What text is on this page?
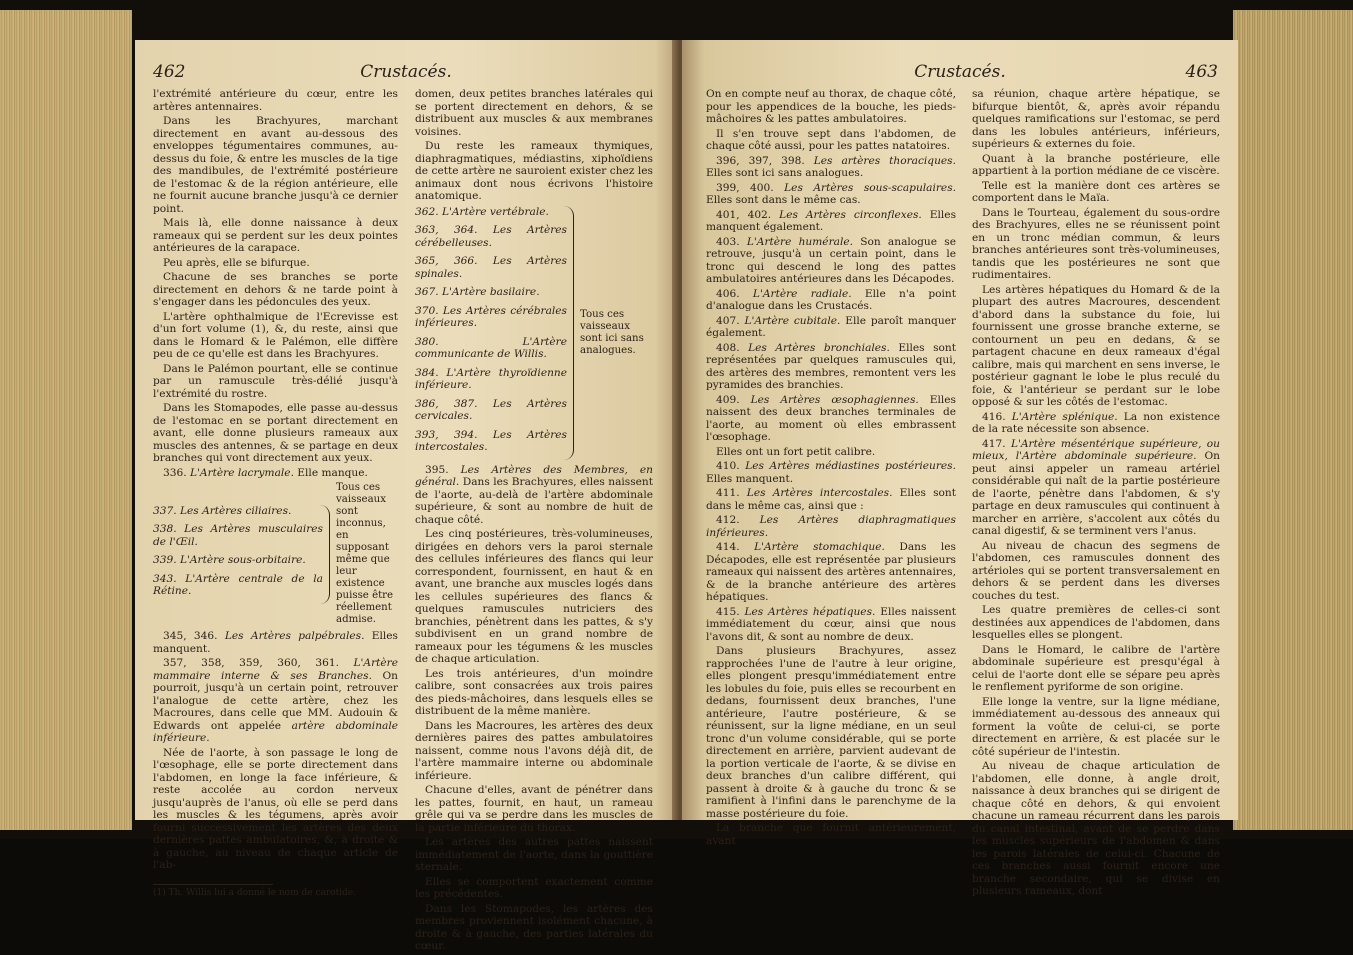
462	Crustacés.

l'extrémité antérieure du cœur, entre les artères antennaires.

Dans les Brachyures, marchant directement en avant au-dessous des enveloppes tégumentaires communes, au-dessus du foie, & entre les muscles de la tige des mandibules, de l'extrémité postérieure de l'estomac & de la région antérieure, elle ne fournit aucune branche jusqu'à ce dernier point.

Mais là, elle donne naissance à deux rameaux qui se perdent sur les deux pointes antérieures de la carapace.

Peu après, elle se bifurque.

Chacune de ses branches se porte directement en dehors & ne tarde point à s'engager dans les pédoncules des yeux.

L'artère ophthalmique de l'Ecrevisse est d'un fort volume (1), &, du reste, ainsi que dans le Homard & le Palémon, elle diffère peu de ce qu'elle est dans les Brachyures.

Dans le Palémon pourtant, elle se continue par un ramuscule très-délié jusqu'à l'extrémité du rostre.

Dans les Stomapodes, elle passe au-dessus de l'estomac en se portant directement en avant, elle donne plusieurs rameaux aux muscles des antennes, & se partage en deux branches qui vont directement aux yeux.

336. L'Artère lacrymale. Elle manque.

337. Les Artères ciliaires.

338. Les Artères musculaires de l'Œil.

339. L'Artère sous-orbitaire.

343. L'Artère centrale de la Rétine.

Tous ces vaisseaux sont inconnus, en supposant même que leur existence puisse être réellement admise.

345, 346. Les Artères palpébrales. Elles manquent.

357, 358, 359, 360, 361. L'Artère mammaire interne & ses Branches. On pourroit, jusqu'à un certain point, retrouver l'analogue de cette artère, chez les Macroures, dans celle que MM. Audouin & Edwards ont appelée artère abdominale inférieure.

Née de l'aorte, à son passage le long de l'œsophage, elle se porte directement dans l'abdomen, en longe la face inférieure, & reste accolée au cordon nerveux jusqu'auprès de l'anus, où elle se perd dans les muscles & les tégumens, après avoir fourni successivement les artères des deux dernières pattes ambulatoires, &, à droite & à gauche, au niveau de chaque article de l'ab-

(1) Th. Willis lui a donné le nom de carotide.

domen, deux petites branches latérales qui se portent directement en dehors, & se distribuent aux muscles & aux membranes voisines.

Du reste les rameaux thymiques, diaphragmatiques, médiastins, xiphoïdiens de cette artère ne sauroient exister chez les animaux dont nous écrivons l'histoire anatomique.

362. L'Artère vertébrale.

363, 364. Les Artères cérébelleuses.

365, 366. Les Artères spinales.

367. L'Artère basilaire.

370. Les Artères cérébrales inférieures.

380. L'Artère communicante de Willis.

384. L'Artère thyroïdienne inférieure.

386, 387. Les Artères cervicales.

393, 394. Les Artères intercostales.

Tous ces vaisseaux sont ici sans analogues.

395. Les Artères des Membres, en général. Dans les Brachyures, elles naissent de l'aorte, au-delà de l'artère abdominale supérieure, & sont au nombre de huit de chaque côté.

Les cinq postérieures, très-volumineuses, dirigées en dehors vers la paroi sternale des cellules inférieures des flancs qui leur correspondent, fournissent, en haut & en avant, une branche aux muscles logés dans les cellules supérieures des flancs & quelques ramuscules nutriciers des branchies, pénètrent dans les pattes, & s'y subdivisent en un grand nombre de rameaux pour les tégumens & les muscles de chaque articulation.

Les trois antérieures, d'un moindre calibre, sont consacrées aux trois paires des pieds-mâchoires, dans lesquels elles se distribuent de la même manière.

Dans les Macroures, les artères des deux dernières paires des pattes ambulatoires naissent, comme nous l'avons déjà dit, de l'artère mammaire interne ou abdominale inférieure.

Chacune d'elles, avant de pénétrer dans les pattes, fournit, en haut, un rameau grêle qui va se perdre dans les muscles de la partie inférieure du thorax.

Les artères des autres pattes naissent immédiatement de l'aorte, dans la gouttière sternale.

Elles se comportent exactement comme les précédentes.

Dans les Stomapodes, les artères des membres proviennent isolément chacune, à droite & à gauche, des parties latérales du cœur.

Crustacés.	463

On en compte neuf au thorax, de chaque côté, pour les appendices de la bouche, les pieds-mâchoires & les pattes ambulatoires.

Il s'en trouve sept dans l'abdomen, de chaque côté aussi, pour les pattes natatoires.

396, 397, 398. Les artères thoraciques. Elles sont ici sans analogues.

399, 400. Les Artères sous-scapulaires. Elles sont dans le même cas.

401, 402. Les Artères circonflexes. Elles manquent également.

403. L'Artère humérale. Son analogue se retrouve, jusqu'à un certain point, dans le tronc qui descend le long des pattes ambulatoires antérieures dans les Décapodes.

406. L'Artère radiale. Elle n'a point d'analogue dans les Crustacés.

407. L'Artère cubitale. Elle paroît manquer également.

408. Les Artères bronchiales. Elles sont représentées par quelques ramuscules qui, des artères des membres, remontent vers les pyramides des branchies.

409. Les Artères œsophagiennes. Elles naissent des deux branches terminales de l'aorte, au moment où elles embrassent l'œsophage.

Elles ont un fort petit calibre.

410. Les Artères médiastines postérieures. Elles manquent.

411. Les Artères intercostales. Elles sont dans le même cas, ainsi que :

412. Les Artères diaphragmatiques inférieures.

414. L'Artère stomachique. Dans les Décapodes, elle est représentée par plusieurs rameaux qui naissent des artères antennaires, & de la branche antérieure des artères hépatiques.

415. Les Artères hépatiques. Elles naissent immédiatement du cœur, ainsi que nous l'avons dit, & sont au nombre de deux.

Dans plusieurs Brachyures, assez rapprochées l'une de l'autre à leur origine, elles plongent presqu'immédiatement entre les lobules du foie, puis elles se recourbent en dedans, fournissent deux branches, l'une antérieure, l'autre postérieure, & se réunissent, sur la ligne médiane, en un seul tronc d'un volume considérable, qui se porte directement en arrière, parvient audevant de la portion verticale de l'aorte, & se divise en deux branches d'un calibre différent, qui passent à droite & à gauche du tronc & se ramifient à l'infini dans le parenchyme de la masse postérieure du foie.

La branche que fournit antérieurement, avant

sa réunion, chaque artère hépatique, se bifurque bientôt, &, après avoir répandu quelques ramifications sur l'estomac, se perd dans les lobules antérieurs, inférieurs, supérieurs & externes du foie.

Quant à la branche postérieure, elle appartient à la portion médiane de ce viscère.

Telle est la manière dont ces artères se comportent dans le Maïa.

Dans le Tourteau, également du sous-ordre des Brachyures, elles ne se réunissent point en un tronc médian commun, & leurs branches antérieures sont très-volumineuses, tandis que les postérieures ne sont que rudimentaires.

Les artères hépatiques du Homard & de la plupart des autres Macroures, descendent d'abord dans la substance du foie, lui fournissent une grosse branche externe, se contournent un peu en dedans, & se partagent chacune en deux rameaux d'égal calibre, mais qui marchent en sens inverse, le postérieur gagnant le lobe le plus reculé du foie, & l'antérieur se perdant sur le lobe opposé & sur les côtés de l'estomac.

416. L'Artère splénique. La non existence de la rate nécessite son absence.

417. L'Artère mésentérique supérieure, ou mieux, l'Artère abdominale supérieure. On peut ainsi appeler un rameau artériel considérable qui naît de la partie postérieure de l'aorte, pénètre dans l'abdomen, & s'y partage en deux ramuscules qui continuent à marcher en arrière, s'accolent aux côtés du canal digestif, & se terminent vers l'anus.

Au niveau de chacun des segmens de l'abdomen, ces ramuscules donnent des artérioles qui se portent transversalement en dehors & se perdent dans les diverses couches du test.

Les quatre premières de celles-ci sont destinées aux appendices de l'abdomen, dans lesquelles elles se plongent.

Dans le Homard, le calibre de l'artère abdominale supérieure est presqu'égal à celui de l'aorte dont elle se sépare peu après le renflement pyriforme de son origine.

Elle longe la ventre, sur la ligne médiane, immédiatement au-dessous des anneaux qui forment la voûte de celui-ci, se porte directement en arrière, & est placée sur le côté supérieur de l'intestin.

Au niveau de chaque articulation de l'abdomen, elle donne, à angle droit, naissance à deux branches qui se dirigent de chaque côté en dehors, & qui envoient chacune un rameau récurrent dans les parois du canal intestinal, avant de se perdre dans les muscles supérieurs de l'abdomen & dans les parois latérales de celui-ci. Chacune de ces branches aussi fournit encore une branche secondaire, qui se divise en plusieurs rameaux, dont
